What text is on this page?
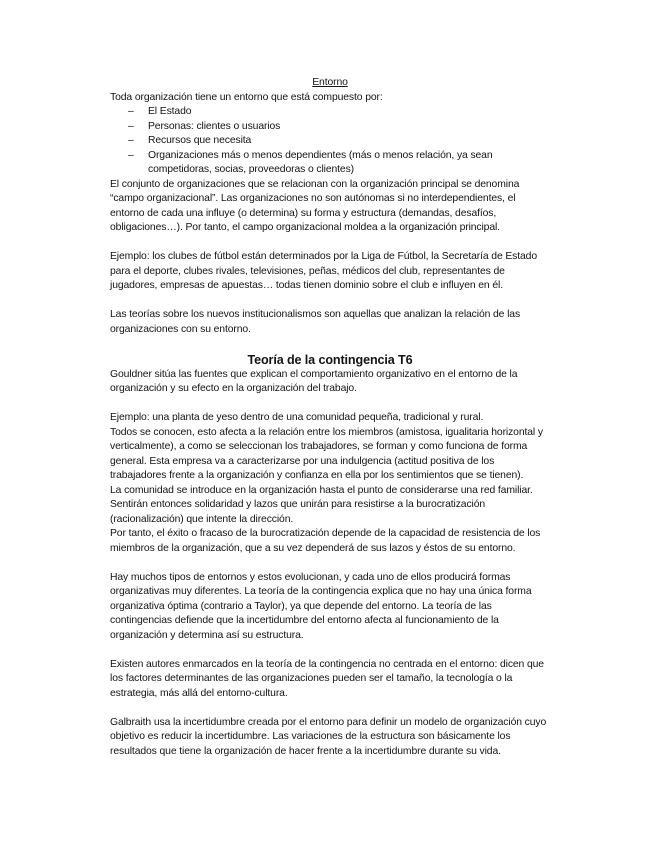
Entorno

Toda organización tiene un entorno que está compuesto por:

– El Estado
– Personas: clientes o usuarios
– Recursos que necesita
– Organizaciones más o menos dependientes (más o menos relación, ya sean competidoras, socias, proveedoras o clientes)

El conjunto de organizaciones que se relacionan con la organización principal se denomina “campo organizacional”. Las organizaciones no son autónomas si no interdependientes, el entorno de cada una influye (o determina) su forma y estructura (demandas, desafíos, obligaciones…). Por tanto, el campo organizacional moldea a la organización principal.

Ejemplo: los clubes de fútbol están determinados por la Liga de Fútbol, la Secretaría de Estado para el deporte, clubes rivales, televisiones, peñas, médicos del club, representantes de jugadores, empresas de apuestas… todas tienen dominio sobre el club e influyen en él.

Las teorías sobre los nuevos institucionalismos son aquellas que analizan la relación de las organizaciones con su entorno.

Teoría de la contingencia T6

Gouldner sitúa las fuentes que explican el comportamiento organizativo en el entorno de la organización y su efecto en la organización del trabajo.

Ejemplo: una planta de yeso dentro de una comunidad pequeña, tradicional y rural.

Todos se conocen, esto afecta a la relación entre los miembros (amistosa, igualitaria horizontal y verticalmente), a como se seleccionan los trabajadores, se forman y como funciona de forma general. Esta empresa va a caracterizarse por una indulgencia (actitud positiva de los trabajadores frente a la organización y confianza en ella por los sentimientos que se tienen).

La comunidad se introduce en la organización hasta el punto de considerarse una red familiar.

Sentirán entonces solidaridad y lazos que unirán para resistirse a la burocratización (racionalización) que intente la dirección.

Por tanto, el éxito o fracaso de la burocratización depende de la capacidad de resistencia de los miembros de la organización, que a su vez dependerá de sus lazos y éstos de su entorno.

Hay muchos tipos de entornos y estos evolucionan, y cada uno de ellos producirá formas organizativas muy diferentes. La teoría de la contingencia explica que no hay una única forma organizativa óptima (contrario a Taylor), ya que depende del entorno. La teoría de las contingencias defiende que la incertidumbre del entorno afecta al funcionamiento de la organización y determina así su estructura.

Existen autores enmarcados en la teoría de la contingencia no centrada en el entorno: dicen que los factores determinantes de las organizaciones pueden ser el tamaño, la tecnología o la estrategia, más allá del entorno-cultura.

Galbraith usa la incertidumbre creada por el entorno para definir un modelo de organización cuyo objetivo es reducir la incertidumbre. Las variaciones de la estructura son básicamente los resultados que tiene la organización de hacer frente a la incertidumbre durante su vida.
